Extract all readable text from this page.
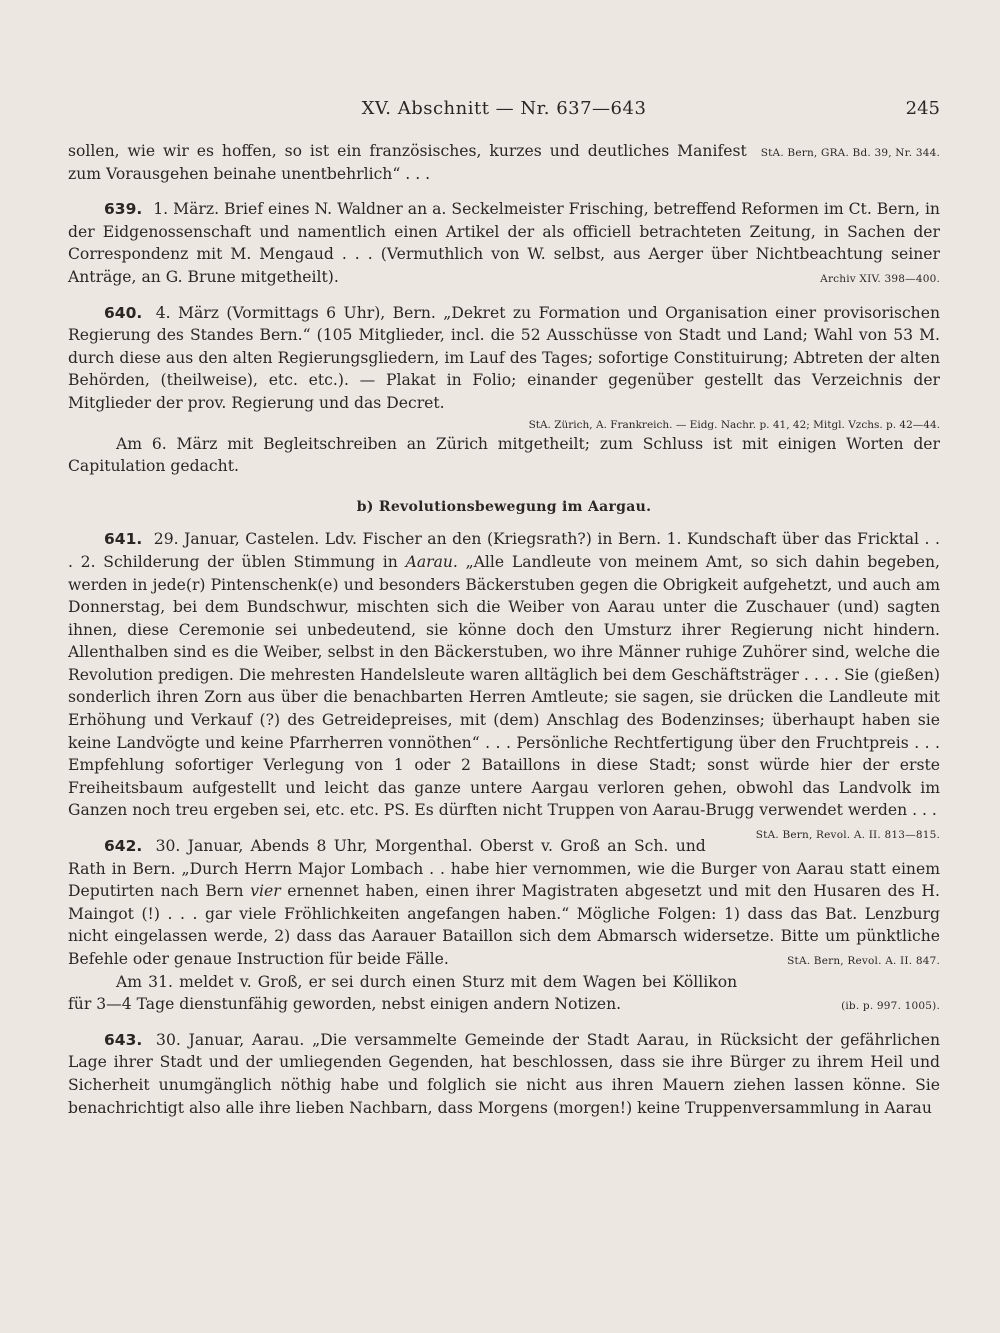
XV. Abschnitt — Nr. 637—643	245

StA. Bern, GRA. Bd. 39, Nr. 344.
sollen, wie wir es hoffen, so ist ein französisches, kurzes und deutliches Manifest zum Vorausgehen beinahe unentbehrlich“ . . .

639. 1. März. Brief eines N. Waldner an a. Seckelmeister Frisching, betreffend Reformen im Ct. Bern, in der Eidgenossenschaft und namentlich einen Artikel der als officiell betrachteten Zeitung, in Sachen der Correspondenz mit M. Mengaud . . . (Vermuthlich von W. selbst, aus Aerger über Nichtbeachtung seiner Anträge, an G. Brune mitgetheilt).	Archiv XIV. 398—400.

640. 4. März (Vormittags 6 Uhr), Bern. „Dekret zu Formation und Organisation einer provisorischen Regierung des Standes Bern.“ (105 Mitglieder, incl. die 52 Ausschüsse von Stadt und Land; Wahl von 53 M. durch diese aus den alten Regierungsgliedern, im Lauf des Tages; sofortige Constituirung; Abtreten der alten Behörden, (theilweise), etc. etc.). — Plakat in Folio; einander gegenüber gestellt das Verzeichnis der Mitglieder der prov. Regierung und das Decret.

StA. Zürich, A. Frankreich. — Eidg. Nachr. p. 41, 42; Mitgl. Vzchs. p. 42—44.

Am 6. März mit Begleitschreiben an Zürich mitgetheilt; zum Schluss ist mit einigen Worten der Capitulation gedacht.

b) Revolutionsbewegung im Aargau.

641. 29. Januar, Castelen. Ldv. Fischer an den (Kriegsrath?) in Bern. 1. Kundschaft über das Fricktal . . . 2. Schilderung der üblen Stimmung in Aarau. „Alle Landleute von meinem Amt, so sich dahin begeben, werden in jede(r) Pintenschenk(e) und besonders Bäckerstuben gegen die Obrigkeit aufgehetzt, und auch am Donnerstag, bei dem Bundschwur, mischten sich die Weiber von Aarau unter die Zuschauer (und) sagten ihnen, diese Ceremonie sei unbedeutend, sie könne doch den Umsturz ihrer Regierung nicht hindern. Allenthalben sind es die Weiber, selbst in den Bäckerstuben, wo ihre Männer ruhige Zuhörer sind, welche die Revolution predigen. Die mehresten Handelsleute waren alltäglich bei dem Geschäftsträger . . . . Sie (gießen) sonderlich ihren Zorn aus über die benachbarten Herren Amtleute; sie sagen, sie drücken die Landleute mit Erhöhung und Verkauf (?) des Getreidepreises, mit (dem) Anschlag des Bodenzinses; überhaupt haben sie keine Landvögte und keine Pfarrherren vonnöthen“ . . . Persönliche Rechtfertigung über den Fruchtpreis . . . Empfehlung sofortiger Verlegung von 1 oder 2 Bataillons in diese Stadt; sonst würde hier der erste Freiheitsbaum aufgestellt und leicht das ganze untere Aargau verloren gehen, obwohl das Landvolk im Ganzen noch treu ergeben sei, etc. etc. PS. Es dürften nicht Truppen von Aarau-Brugg verwendet werden . . .
StA. Bern, Revol. A. II. 813—815.

642. 30. Januar, Abends 8 Uhr, Morgenthal. Oberst v. Groß an Sch. und Rath in Bern. „Durch Herrn Major Lombach . . habe hier vernommen, wie die Burger von Aarau statt einem Deputirten nach Bern vier ernennet haben, einen ihrer Magistraten abgesetzt und mit den Husaren des H. Maingot (!) . . . gar viele Fröhlichkeiten angefangen haben.“ Mögliche Folgen: 1) dass das Bat. Lenzburg nicht eingelassen werde, 2) dass das Aarauer Bataillon sich dem Abmarsch widersetze. Bitte um pünktliche Befehle oder genaue Instruction für beide Fälle.	StA. Bern, Revol. A. II. 847.

Am 31. meldet v. Groß, er sei durch einen Sturz mit dem Wagen bei Köllikon für 3—4 Tage dienstunfähig geworden, nebst einigen andern Notizen.	(ib. p. 997. 1005).

643. 30. Januar, Aarau. „Die versammelte Gemeinde der Stadt Aarau, in Rücksicht der gefährlichen Lage ihrer Stadt und der umliegenden Gegenden, hat beschlossen, dass sie ihre Bürger zu ihrem Heil und Sicherheit unumgänglich nöthig habe und folglich sie nicht aus ihren Mauern ziehen lassen könne. Sie benachrichtigt also alle ihre lieben Nachbarn, dass Morgens (morgen!) keine Truppenversammlung in Aarau
